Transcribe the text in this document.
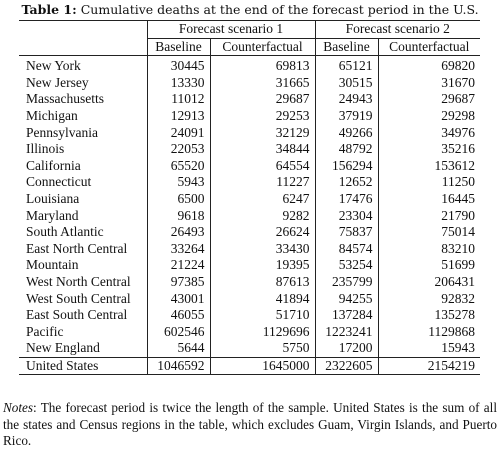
Table 1: Cumulative deaths at the end of the forecast period in the U.S.
	Forecast scenario 1		Forecast scenario 2	
	Baseline	Counterfactual	Baseline	Counterfactual
New York	30445	69813	65121	69820
New Jersey	13330	31665	30515	31670
Massachusetts	11012	29687	24943	29687
Michigan	12913	29253	37919	29298
Pennsylvania	24091	32129	49266	34976
Illinois	22053	34844	48792	35216
California	65520	64554	156294	153612
Connecticut	5943	11227	12652	11250
Louisiana	6500	6247	17476	16445
Maryland	9618	9282	23304	21790
South Atlantic	26493	26624	75837	75014
East North Central	33264	33430	84574	83210
Mountain	21224	19395	53254	51699
West North Central	97385	87613	235799	206431
West South Central	43001	41894	94255	92832
East South Central	46055	51710	137284	135278
Pacific	602546	1129696	1223241	1129868
New England	5644	5750	17200	15943
United States	1046592	1645000	2322605	2154219
Notes: The forecast period is twice the length of the sample. United States is the sum of all the states and Census regions in the table, which excludes Guam, Virgin Islands, and Puerto Rico.
